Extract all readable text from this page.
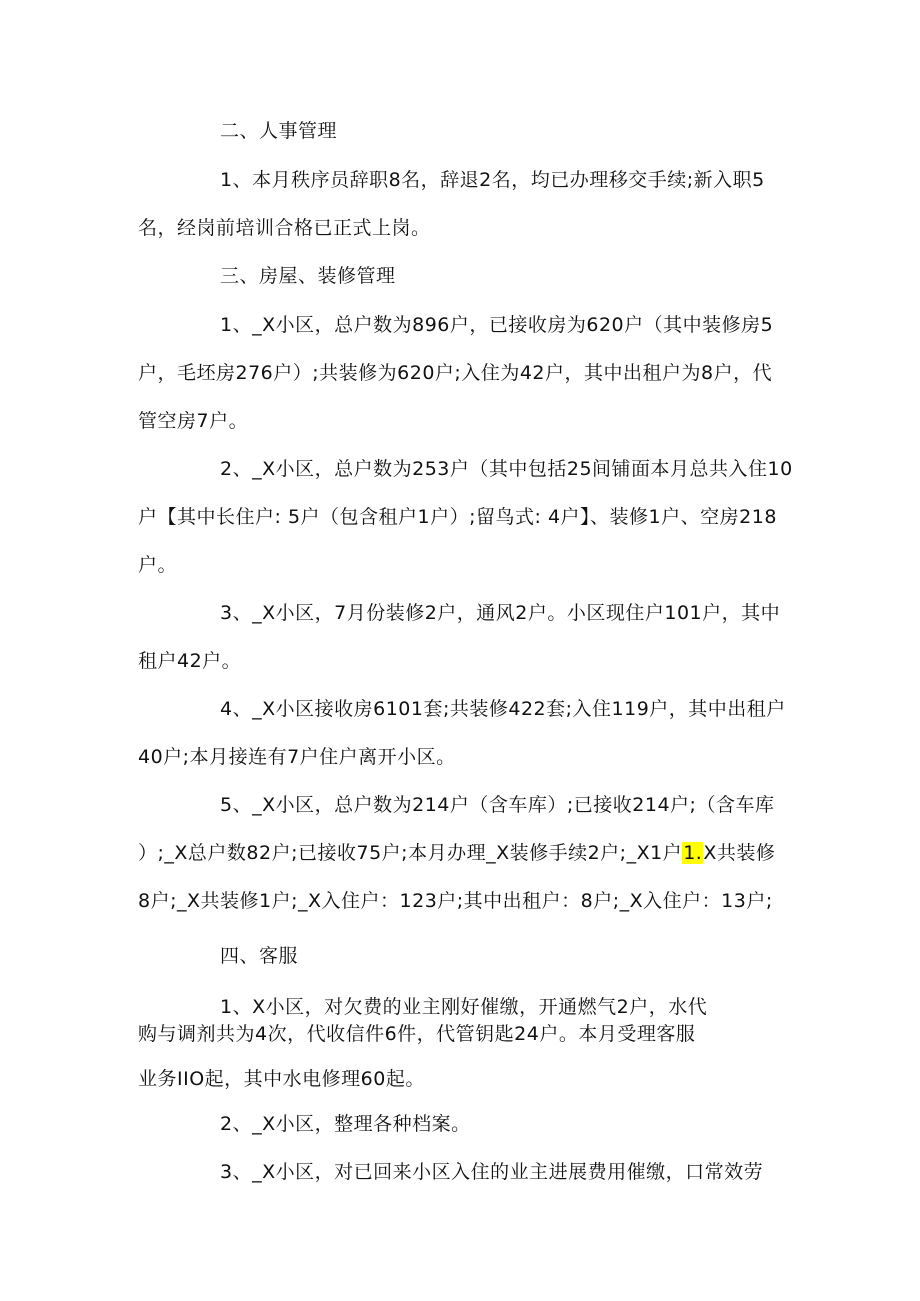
二、人事管理
1、本月秩序员辞职8名，辞退2名，均已办理移交手续;新入职5
名，经岗前培训合格已正式上岗。
三、房屋、装修管理
1、_X小区，总户数为896户，已接收房为620户（其中装修房5
户，毛坯房276户）;共装修为620户;入住为42户，其中出租户为8户，代
管空房7户。
2、_X小区，总户数为253户（其中包括25间铺面本月总共入住10
户【其中长住户: 5户（包含租户1户）;留鸟式: 4户】、装修1户、空房218
户。
3、_X小区，7月份装修2户，通风2户。小区现住户101户，其中
租户42户。
4、_X小区接收房6101套;共装修422套;入住119户，其中出租户
40户;本月接连有7户住户离开小区。
5、_X小区，总户数为214户（含车库）;已接收214户;（含车库
）;_X总户数82户;已接收75户;本月办理_X装修手续2户;_X1户1.X共装修
8户;_X共装修1户;_X入住户：123户;其中出租户：8户;_X入住户：13户;
四、客服
1、X小区，对欠费的业主刚好催缴，开通燃气2户，水代
购与调剂共为4次，代收信件6件，代管钥匙24户。本月受理客服
业务IIO起，其中水电修理60起。
2、_X小区，整理各种档案。
3、_X小区，对已回来小区入住的业主进展费用催缴，口常效劳
